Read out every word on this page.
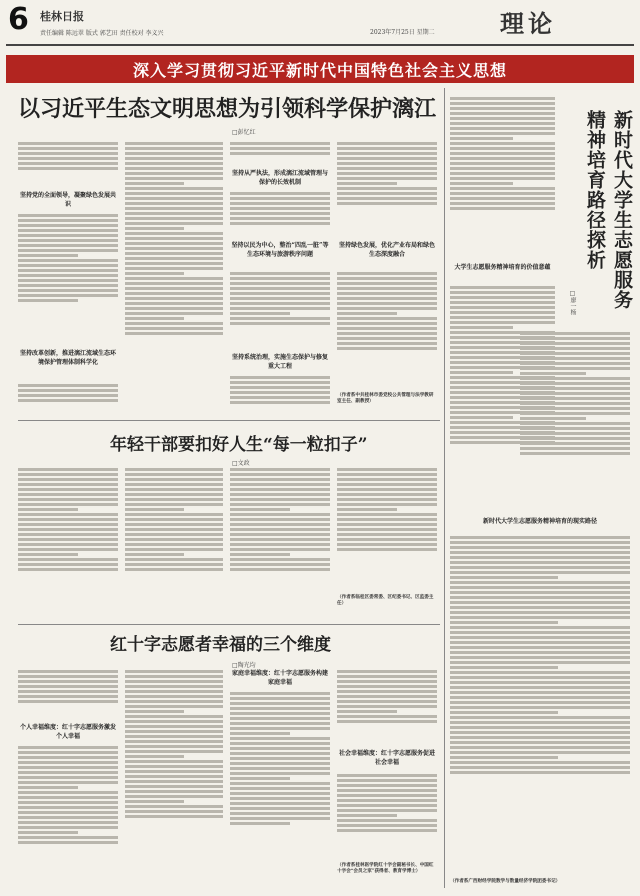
6 桂林日报
责任编辑 陈远翠 版式 郭艺田 责任校对 李义兴	2023年7月25日 星期二	理论
深入学习贯彻习近平新时代中国特色社会主义思想
以习近平生态文明思想为引领科学保护漓江
□彭忆红
坚持党的全面领导，凝聚绿色发展共识
坚持改革创新，推进漓江流域生态环境保护管理体制科学化
坚持从严执法，形成漓江流域管理与保护的长效机制
坚持以民为中心，整治“四乱一脏”等生态环境与旅游秩序问题
坚持系统治理，实施生态保护与修复重大工程
坚持绿色发展，优化产业布局和绿色生态深度融合
（作者系中共桂林市委党校公共管理与法学教研室主任、副教授）
年轻干部要扣好人生“每一粒扣子”
□文政
（作者系临桂区委常委、区纪委书记、区监委主任）
红十字志愿者幸福的三个维度
□陶光均
个人幸福维度：红十字志愿服务激发个人幸福
家庭幸福维度：红十字志愿服务构建家庭幸福
社会幸福维度：红十字志愿服务促进社会幸福
（作者系桂林医学院红十字会副秘书长、中国红十字会“会员之家”获得者、教育学博士）
新时代大学生志愿服务精神培育路径探析
□廖一杨
大学生志愿服务精神培育的价值意蕴
新时代大学生志愿服务精神培育的现实路径
（作者系广西财经学院数学与数量经济学院团委书记）
